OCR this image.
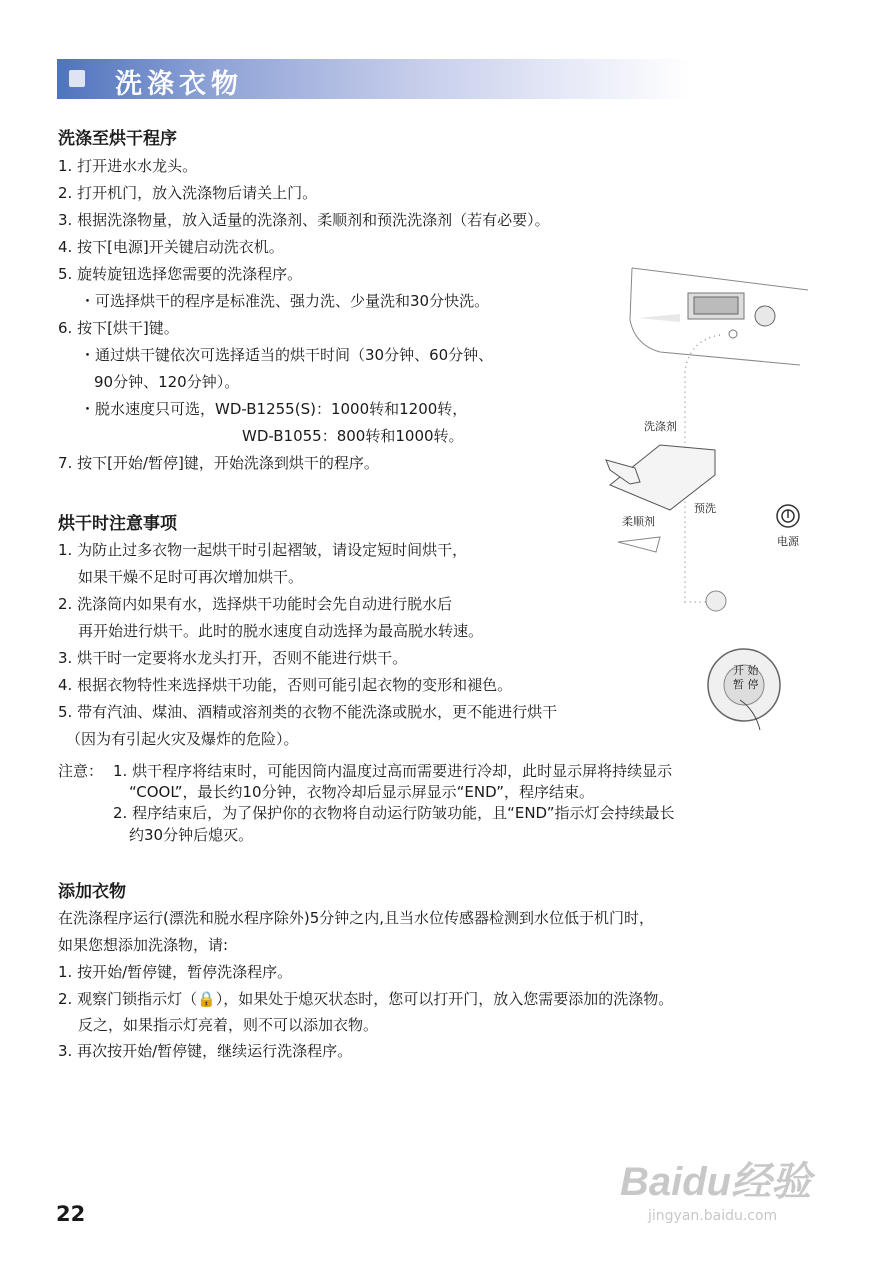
洗涤衣物
洗涤至烘干程序
1. 打开进水水龙头。
2. 打开机门，放入洗涤物后请关上门。
3. 根据洗涤物量，放入适量的洗涤剂、柔顺剂和预洗洗涤剂（若有必要）。
4. 按下[电源]开关键启动洗衣机。
5. 旋转旋钮选择您需要的洗涤程序。
・可选择烘干的程序是标准洗、强力洗、少量洗和30分快洗。
6. 按下[烘干]键。
・通过烘干键依次可选择适当的烘干时间（30分钟、60分钟、
90分钟、120分钟）。
・脱水速度只可选，WD-B1255(S)：1000转和1200转，
WD-B1055：800转和1000转。
7. 按下[开始/暂停]键，开始洗涤到烘干的程序。
烘干时注意事项
1. 为防止过多衣物一起烘干时引起褶皱，请设定短时间烘干，
如果干燥不足时可再次增加烘干。
2. 洗涤筒内如果有水，选择烘干功能时会先自动进行脱水后
再开始进行烘干。此时的脱水速度自动选择为最高脱水转速。
3. 烘干时一定要将水龙头打开，否则不能进行烘干。
4. 根据衣物特性来选择烘干功能，否则可能引起衣物的变形和褪色。
5. 带有汽油、煤油、酒精或溶剂类的衣物不能洗涤或脱水，更不能进行烘干
（因为有引起火灾及爆炸的危险）。
注意： 1. 烘干程序将结束时，可能因筒内温度过高而需要进行冷却，此时显示屏将持续显示
“COOL”，最长约10分钟，衣物冷却后显示屏显示“END”，程序结束。
2. 程序结束后，为了保护你的衣物将自动运行防皱功能，且“END”指示灯会持续最长
约30分钟后熄灭。
添加衣物
在洗涤程序运行(漂洗和脱水程序除外)5分钟之内,且当水位传感器检测到水位低于机门时，
如果您想添加洗涤物，请:
1. 按开始/暂停键，暂停洗涤程序。
2. 观察门锁指示灯（🔒），如果处于熄灭状态时，您可以打开门，放入您需要添加的洗涤物。
反之，如果指示灯亮着，则不可以添加衣物。
3. 再次按开始/暂停键，继续运行洗涤程序。
洗涤剂
柔顺剂
预洗
电源
开 始
暂 停
22
Baidu经验
jingyan.baidu.com
